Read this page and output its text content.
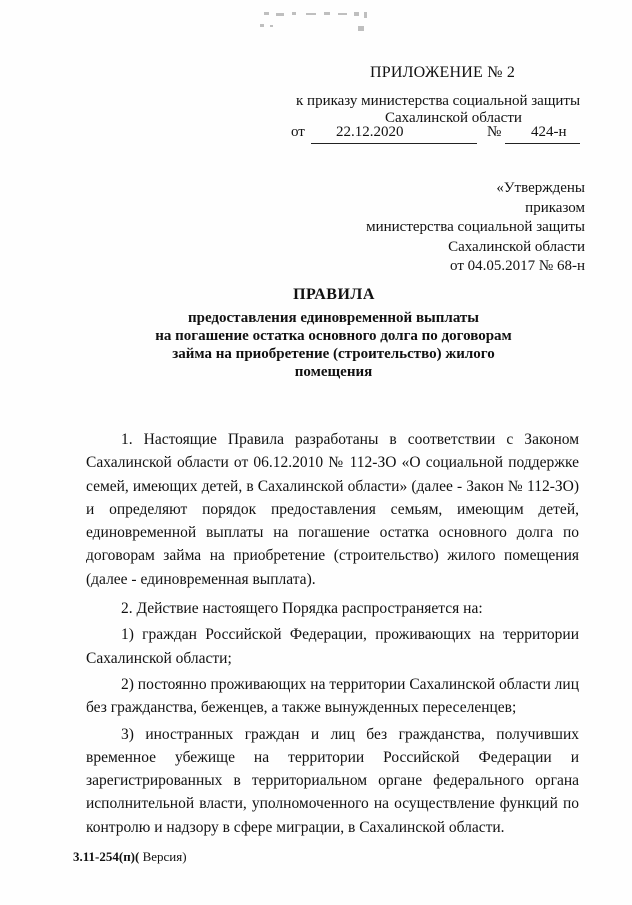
ПРИЛОЖЕНИЕ № 2
к приказу министерства социальной защиты
Сахалинской области
от 22.12.2020	№ 424-н
«Утверждены
приказом
министерства социальной защиты
Сахалинской области
от 04.05.2017 № 68-н
ПРАВИЛА
предоставления единовременной выплаты
на погашение остатка основного долга по договорам
займа на приобретение (строительство) жилого
помещения

1. Настоящие Правила разработаны в соответствии с Законом Сахалинской области от 06.12.2010 № 112-ЗО «О социальной поддержке семей, имеющих детей, в Сахалинской области» (далее - Закон № 112-ЗО) и определяют порядок предоставления семьям, имеющим детей, единовременной выплаты на погашение остатка основного долга по договорам займа на приобретение (строительство) жилого помещения (далее - единовременная выплата).

2. Действие настоящего Порядка распространяется на:

1) граждан Российской Федерации, проживающих на территории Сахалинской области;

2) постоянно проживающих на территории Сахалинской области лиц без гражданства, беженцев, а также вынужденных переселенцев;

3) иностранных граждан и лиц без гражданства, получивших временное убежище на территории Российской Федерации и зарегистрированных в территориальном органе федерального органа исполнительной власти, уполномоченного на осуществление функций по контролю и надзору в сфере миграции, в Сахалинской области.

3.11-254(п)( Версия)
